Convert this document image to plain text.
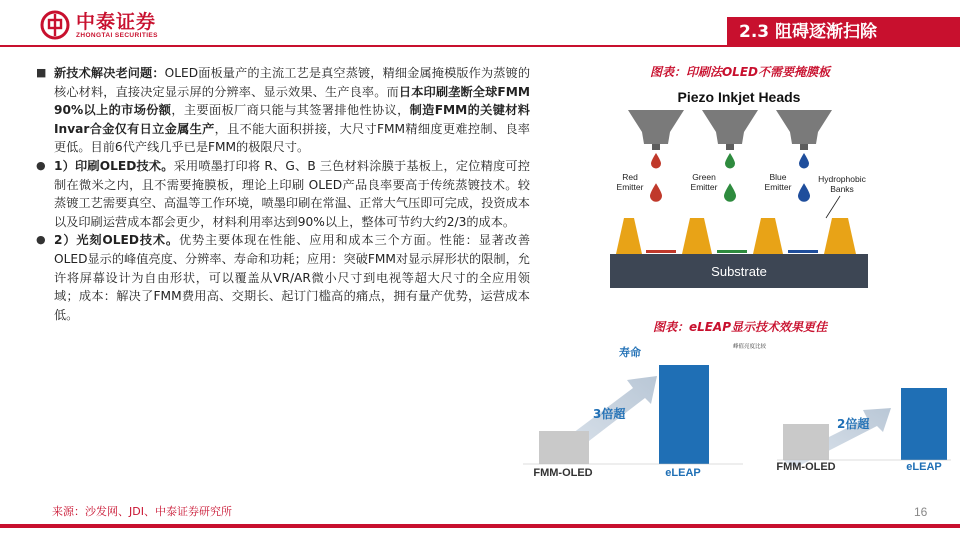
中泰证券
ZHONGTAI SECURITIES	2.3 阻碍逐渐扫除
■ 新技术解决老问题：OLED面板量产的主流工艺是真空蒸镀，精细金属掩模版作为蒸镀的核心材料，直接决定显示屏的分辨率、显示效果、生产良率。而日本印刷垄断全球FMM 90%以上的市场份额，主要面板厂商只能与其签署排他性协议，制造FMM的关键材料Invar合金仅有日立金属生产，且不能大面积拼接，大尺寸FMM精细度更难控制、良率更低。目前6代产线几乎已是FMM的极限尺寸。
● 1）印刷OLED技术。采用喷墨打印将 R、G、B 三色材料涂膜于基板上，定位精度可控制在微米之内，且不需要掩膜板，理论上印刷 OLED产品良率要高于传统蒸镀技术。较蒸镀工艺需要真空、高温等工作环境，喷墨印刷在常温、正常大气压即可完成，投资成本以及印刷运营成本都会更少，材料利用率达到90%以上，整体可节约大约2/3的成本。
● 2）光刻OLED技术。优势主要体现在性能、应用和成本三个方面。性能：显著改善OLED显示的峰值亮度、分辨率、寿命和功耗；应用：突破FMM对显示屏形状的限制，允许将屏幕设计为自由形状，可以覆盖从VR/AR微小尺寸到电视等超大尺寸的全应用领域；成本：解决了FMM费用高、交期长、起订门槛高的痛点，拥有量产优势，运营成本低。
图表：印刷法OLED不需要掩膜板
Piezo Inkjet Heads
Red
Emitter
Green
Emitter
Blue
Emitter
Hydrophobic
Banks
Substrate
图表：eLEAP显示技术效果更佳
寿命
3倍超
FMM-OLED	eLEAP
峰值亮度比较
2倍超
FMM-OLED	eLEAP
来源：沙发网、JDI、中泰证券研究所	16
